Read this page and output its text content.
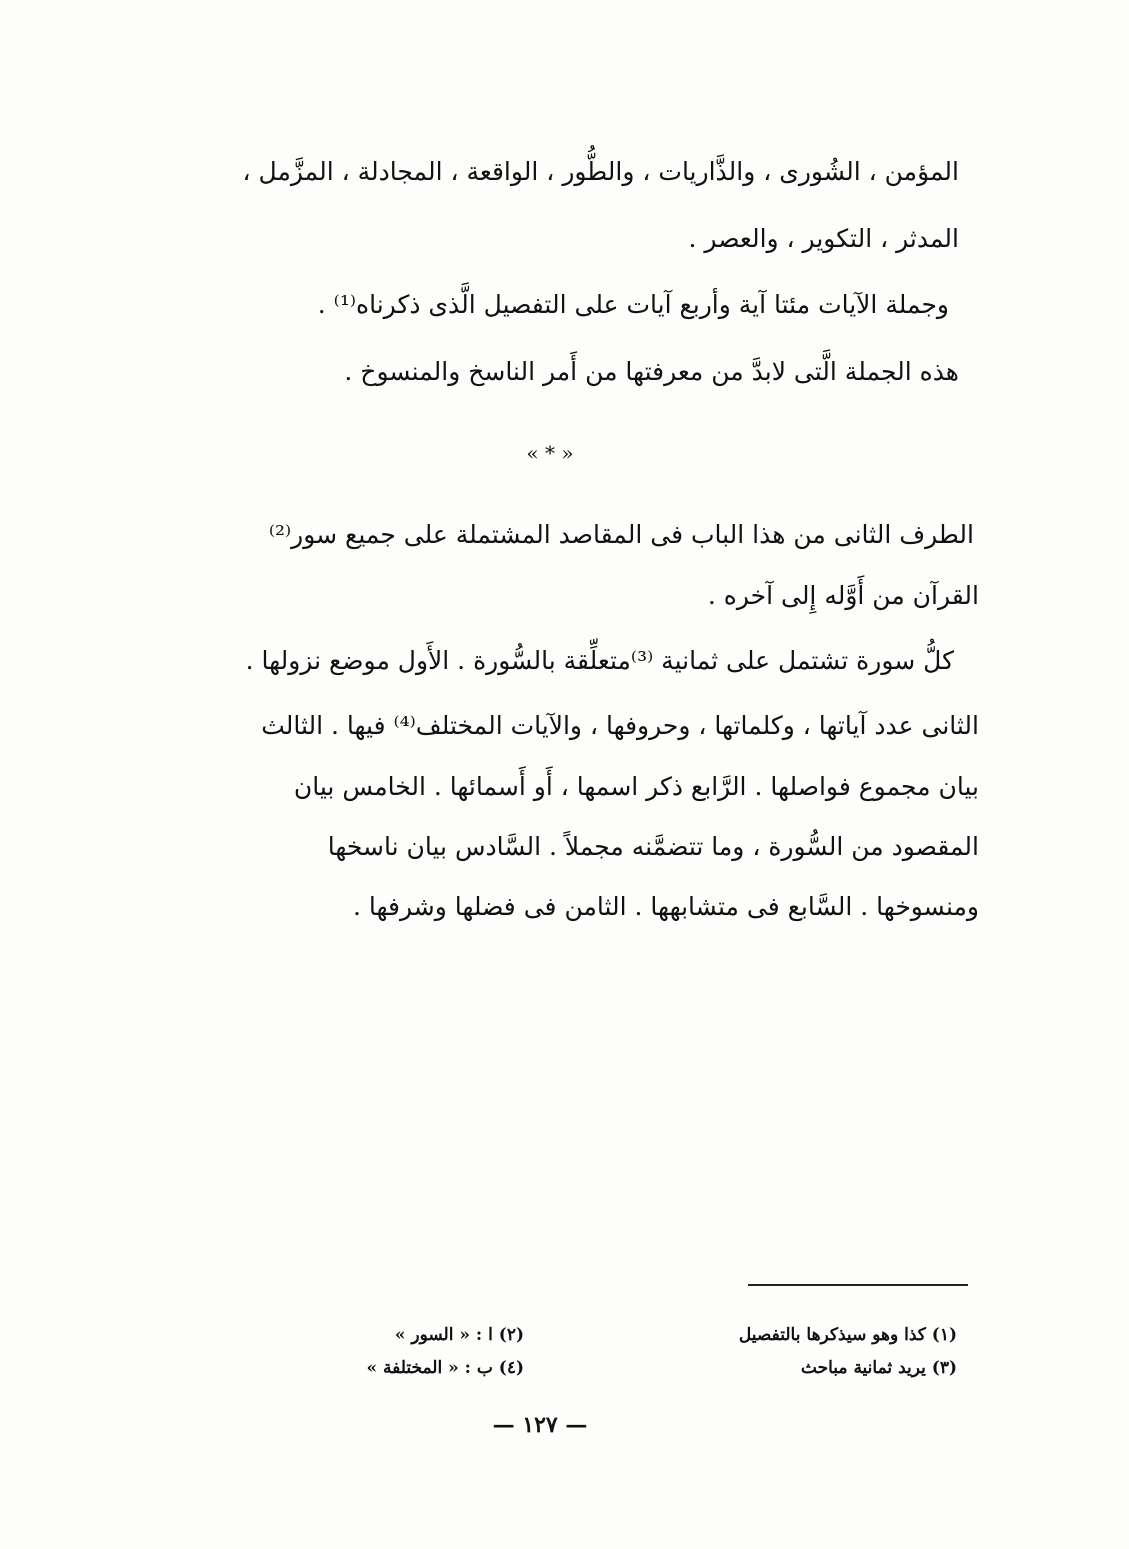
المؤمن ، الشُورى ، والذَّاريات ، والطُّور ، الواقعة ، المجادلة ، المزَّمل ،
المدثر ، التكوير ، والعصر .
وجملة الآيات مئتا آية وأربع آيات على التفصيل الَّذى ذكرناه⁽¹⁾ .
هذه الجملة الَّتى لابدَّ من معرفتها من أَمر الناسخ والمنسوخ .
« * »
الطرف الثانى من هذا الباب فى المقاصد المشتملة على جميع سور⁽²⁾
القرآن من أَوَّله إِلى آخره .
كلُّ سورة تشتمل على ثمانية ⁽³⁾متعلِّقة بالسُّورة . الأَول موضع نزولها .
الثانى عدد آياتها ، وكلماتها ، وحروفها ، والآيات المختلف⁽⁴⁾ فيها . الثالث
بيان مجموع فواصلها . الرَّابع ذكر اسمها ، أَو أَسمائها . الخامس بيان
المقصود من السُّورة ، وما تتضمَّنه مجملاً . السَّادس بيان ناسخها
ومنسوخها . السَّابع فى متشابهها . الثامن فى فضلها وشرفها .
(١) كذا وهو سيذكرها بالتفصيل
(٢) ا : « السور »
(٣) يريد ثمانية مباحث
(٤) ب : « المختلفة »
— ١٢٧ —
